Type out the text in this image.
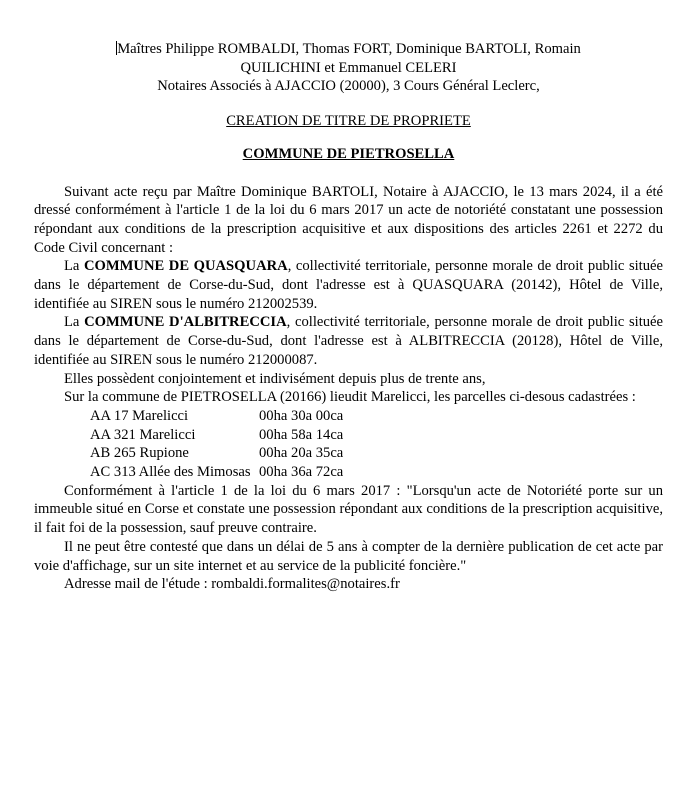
Maîtres Philippe ROMBALDI, Thomas FORT, Dominique BARTOLI, Romain

QUILICHINI et Emmanuel CELERI

Notaires Associés à AJACCIO (20000), 3 Cours Général Leclerc,

CREATION DE TITRE DE PROPRIETE

COMMUNE DE PIETROSELLA

Suivant acte reçu par Maître Dominique BARTOLI, Notaire à AJACCIO, le 13 mars 2024, il a été dressé conformément à l'article 1 de la loi du 6 mars 2017 un acte de notoriété constatant une possession répondant aux conditions de la prescription acquisitive et aux dispositions des articles 2261 et 2272 du Code Civil concernant :

La COMMUNE DE QUASQUARA, collectivité territoriale, personne morale de droit public située dans le département de Corse-du-Sud, dont l'adresse est à QUASQUARA (20142), Hôtel de Ville, identifiée au SIREN sous le numéro 212002539.

La COMMUNE D'ALBITRECCIA, collectivité territoriale, personne morale de droit public située dans le département de Corse-du-Sud, dont l'adresse est à ALBITRECCIA (20128), Hôtel de Ville, identifiée au SIREN sous le numéro 212000087.

Elles possèdent conjointement et indivisément depuis plus de trente ans,

Sur la commune de PIETROSELLA (20166) lieudit Marelicci, les parcelles ci-desous cadastrées :

AA 17 Marelicci	00ha 30a 00ca
AA 321 Marelicci	00ha 58a 14ca
AB 265 Rupione	00ha 20a 35ca
AC 313 Allée des Mimosas 00ha 36a 72ca

Conformément à l'article 1 de la loi du 6 mars 2017 : "Lorsqu'un acte de Notoriété porte sur un immeuble situé en Corse et constate une possession répondant aux conditions de la prescription acquisitive, il fait foi de la possession, sauf preuve contraire.

Il ne peut être contesté que dans un délai de 5 ans à compter de la dernière publication de cet acte par voie d'affichage, sur un site internet et au service de la publicité foncière."

Adresse mail de l'étude : rombaldi.formalites@notaires.fr
